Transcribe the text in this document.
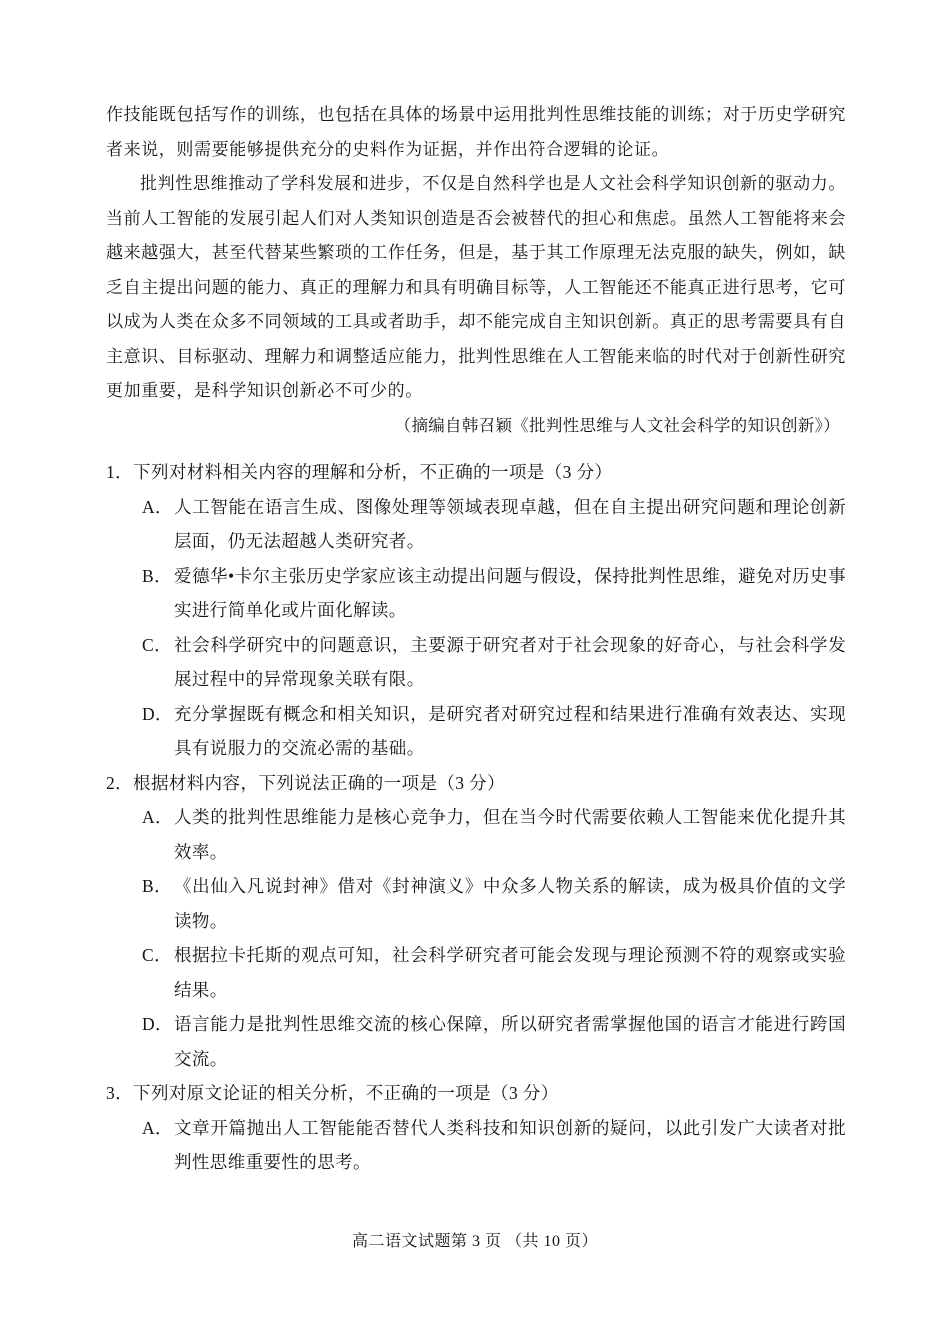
作技能既包括写作的训练，也包括在具体的场景中运用批判性思维技能的训练；对于历史学研究者来说，则需要能够提供充分的史料作为证据，并作出符合逻辑的论证。

批判性思维推动了学科发展和进步，不仅是自然科学也是人文社会科学知识创新的驱动力。当前人工智能的发展引起人们对人类知识创造是否会被替代的担心和焦虑。虽然人工智能将来会越来越强大，甚至代替某些繁琐的工作任务，但是，基于其工作原理无法克服的缺失，例如，缺乏自主提出问题的能力、真正的理解力和具有明确目标等，人工智能还不能真正进行思考，它可以成为人类在众多不同领域的工具或者助手，却不能完成自主知识创新。真正的思考需要具有自主意识、目标驱动、理解力和调整适应能力，批判性思维在人工智能来临的时代对于创新性研究更加重要，是科学知识创新必不可少的。

（摘编自韩召颖《批判性思维与人文社会科学的知识创新》）

1．下列对材料相关内容的理解和分析，不正确的一项是（3 分）

A． 人工智能在语言生成、图像处理等领域表现卓越，但在自主提出研究问题和理论创新层面，仍无法超越人类研究者。
B． 爱德华•卡尔主张历史学家应该主动提出问题与假设，保持批判性思维，避免对历史事实进行简单化或片面化解读。
C． 社会科学研究中的问题意识，主要源于研究者对于社会现象的好奇心，与社会科学发展过程中的异常现象关联有限。
D． 充分掌握既有概念和相关知识，是研究者对研究过程和结果进行准确有效表达、实现具有说服力的交流必需的基础。

2．根据材料内容，下列说法正确的一项是（3 分）

A． 人类的批判性思维能力是核心竞争力，但在当今时代需要依赖人工智能来优化提升其效率。
B． 《出仙入凡说封神》借对《封神演义》中众多人物关系的解读，成为极具价值的文学读物。
C． 根据拉卡托斯的观点可知，社会科学研究者可能会发现与理论预测不符的观察或实验结果。
D． 语言能力是批判性思维交流的核心保障，所以研究者需掌握他国的语言才能进行跨国交流。

3．下列对原文论证的相关分析，不正确的一项是（3 分）

A． 文章开篇抛出人工智能能否替代人类科技和知识创新的疑问，以此引发广大读者对批判性思维重要性的思考。
高二语文试题第 3 页 （共 10 页）
